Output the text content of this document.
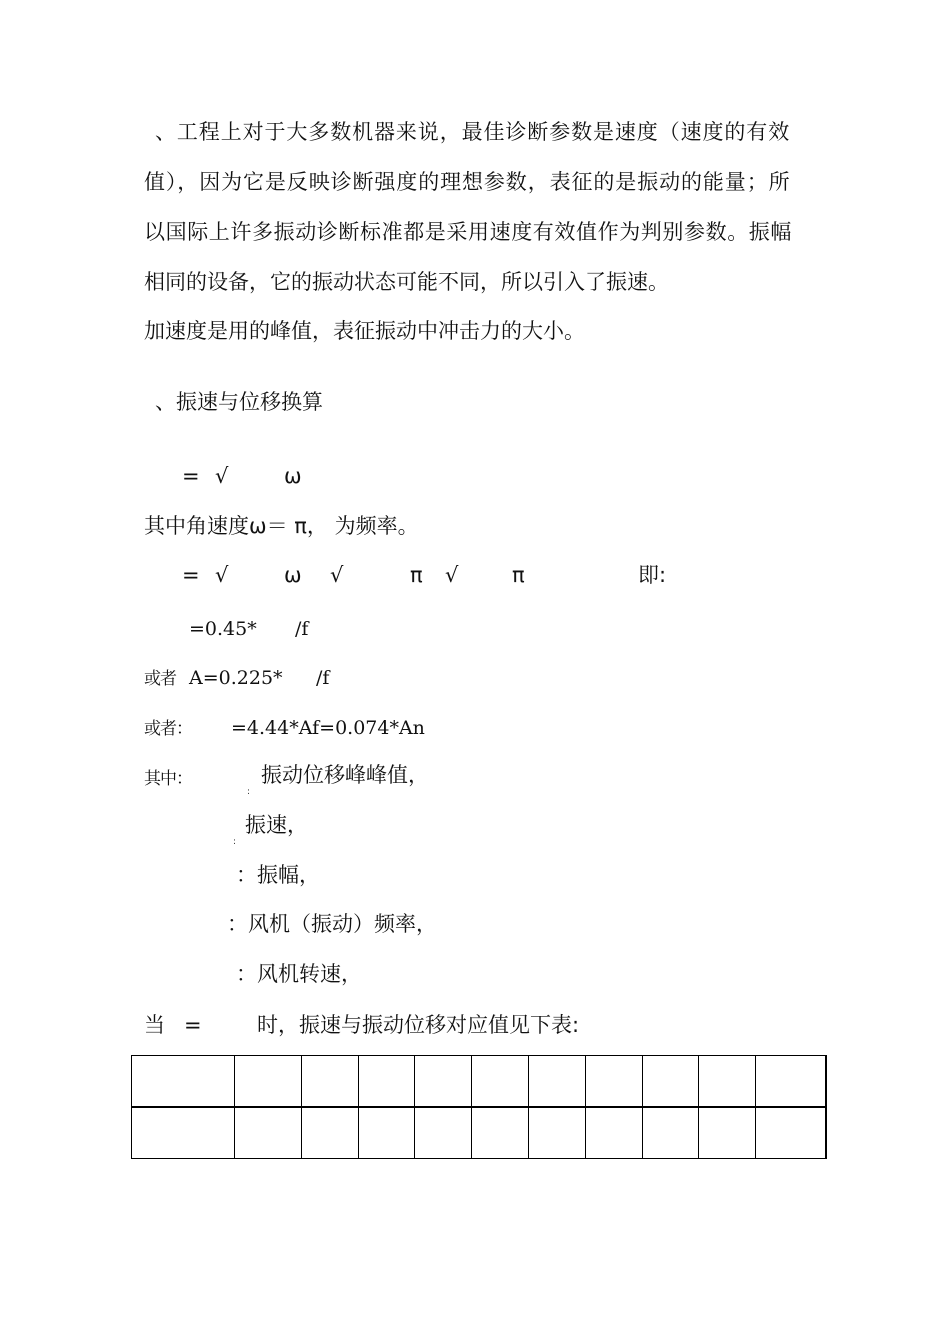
、工程上对于大多数机器来说，最佳诊断参数是速度（速度的有效
值），因为它是反映诊断强度的理想参数，表征的是振动的能量；所
以国际上许多振动诊断标准都是采用速度有效值作为判别参数。振幅
相同的设备，它的振动状态可能不同，所以引入了振速。
加速度是用的峰值，表征振动中冲击力的大小。
、振速与位移换算
= √	ω
其中角速度ω＝ π， 为频率。
= √	ω √	π √	π	即:
=0.45* /f
或者 A=0.225* /f
或者： =4.44*Af=0.074*An
其中：	振动位移峰峰值，
:
振速，
:
：振幅，
：风机（振动）频率，
：风机转速，
当 =	时，振速与振动位移对应值见下表:
